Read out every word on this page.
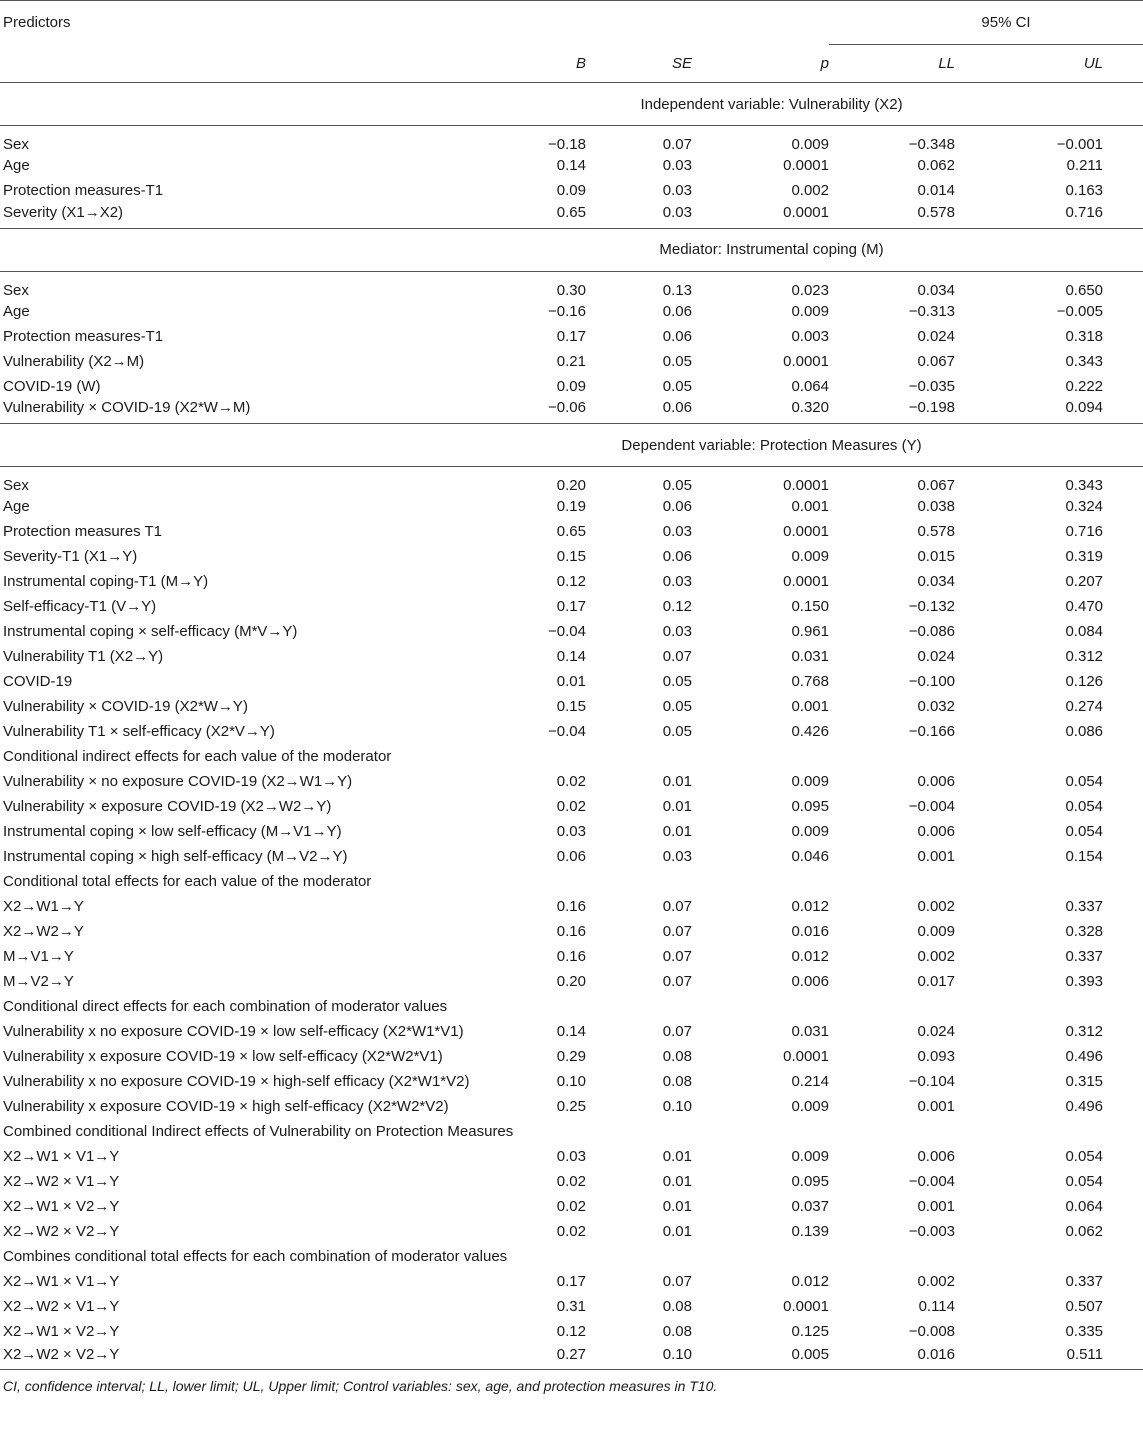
Predictors				95% CI	
	B	SE	p	LL	UL
Independent variable: Vulnerability (X2)					
Sex	−0.18	0.07	0.009	−0.348	−0.001
Age	0.14	0.03	0.0001	0.062	0.211
Protection measures-T1	0.09	0.03	0.002	0.014	0.163
Severity (X1→X2)	0.65	0.03	0.0001	0.578	0.716
Mediator: Instrumental coping (M)					
Sex	0.30	0.13	0.023	0.034	0.650
Age	−0.16	0.06	0.009	−0.313	−0.005
Protection measures-T1	0.17	0.06	0.003	0.024	0.318
Vulnerability (X2→M)	0.21	0.05	0.0001	0.067	0.343
COVID-19 (W)	0.09	0.05	0.064	−0.035	0.222
Vulnerability × COVID-19 (X2*W→M)	−0.06	0.06	0.320	−0.198	0.094
Dependent variable: Protection Measures (Y)					
Sex	0.20	0.05	0.0001	0.067	0.343
Age	0.19	0.06	0.001	0.038	0.324
Protection measures T1	0.65	0.03	0.0001	0.578	0.716
Severity-T1 (X1→Y)	0.15	0.06	0.009	0.015	0.319
Instrumental coping-T1 (M→Y)	0.12	0.03	0.0001	0.034	0.207
Self-efficacy-T1 (V→Y)	0.17	0.12	0.150	−0.132	0.470
Instrumental coping × self-efficacy (M*V→Y)	−0.04	0.03	0.961	−0.086	0.084
Vulnerability T1 (X2→Y)	0.14	0.07	0.031	0.024	0.312
COVID-19	0.01	0.05	0.768	−0.100	0.126
Vulnerability × COVID-19 (X2*W→Y)	0.15	0.05	0.001	0.032	0.274
Vulnerability T1 × self-efficacy (X2*V→Y)	−0.04	0.05	0.426	−0.166	0.086
Conditional indirect effects for each value of the moderator					
Vulnerability × no exposure COVID-19 (X2→W1→Y)	0.02	0.01	0.009	0.006	0.054
Vulnerability × exposure COVID-19 (X2→W2→Y)	0.02	0.01	0.095	−0.004	0.054
Instrumental coping × low self-efficacy (M→V1→Y)	0.03	0.01	0.009	0.006	0.054
Instrumental coping × high self-efficacy (M→V2→Y)	0.06	0.03	0.046	0.001	0.154
Conditional total effects for each value of the moderator					
X2→W1→Y	0.16	0.07	0.012	0.002	0.337
X2→W2→Y	0.16	0.07	0.016	0.009	0.328
M→V1→Y	0.16	0.07	0.012	0.002	0.337
M→V2→Y	0.20	0.07	0.006	0.017	0.393
Conditional direct effects for each combination of moderator values					
Vulnerability x no exposure COVID-19 × low self-efficacy (X2*W1*V1)	0.14	0.07	0.031	0.024	0.312
Vulnerability x exposure COVID-19 × low self-efficacy (X2*W2*V1)	0.29	0.08	0.0001	0.093	0.496
Vulnerability x no exposure COVID-19 × high-self efficacy (X2*W1*V2)	0.10	0.08	0.214	−0.104	0.315
Vulnerability x exposure COVID-19 × high self-efficacy (X2*W2*V2)	0.25	0.10	0.009	0.001	0.496
Combined conditional Indirect effects of Vulnerability on Protection Measures					
X2→W1 × V1→Y	0.03	0.01	0.009	0.006	0.054
X2→W2 × V1→Y	0.02	0.01	0.095	−0.004	0.054
X2→W1 × V2→Y	0.02	0.01	0.037	0.001	0.064
X2→W2 × V2→Y	0.02	0.01	0.139	−0.003	0.062
Combines conditional total effects for each combination of moderator values					
X2→W1 × V1→Y	0.17	0.07	0.012	0.002	0.337
X2→W2 × V1→Y	0.31	0.08	0.0001	0.114	0.507
X2→W1 × V2→Y	0.12	0.08	0.125	−0.008	0.335
X2→W2 × V2→Y	0.27	0.10	0.005	0.016	0.511
CI, confidence interval; LL, lower limit; UL, Upper limit; Control variables: sex, age, and protection measures in T10.
